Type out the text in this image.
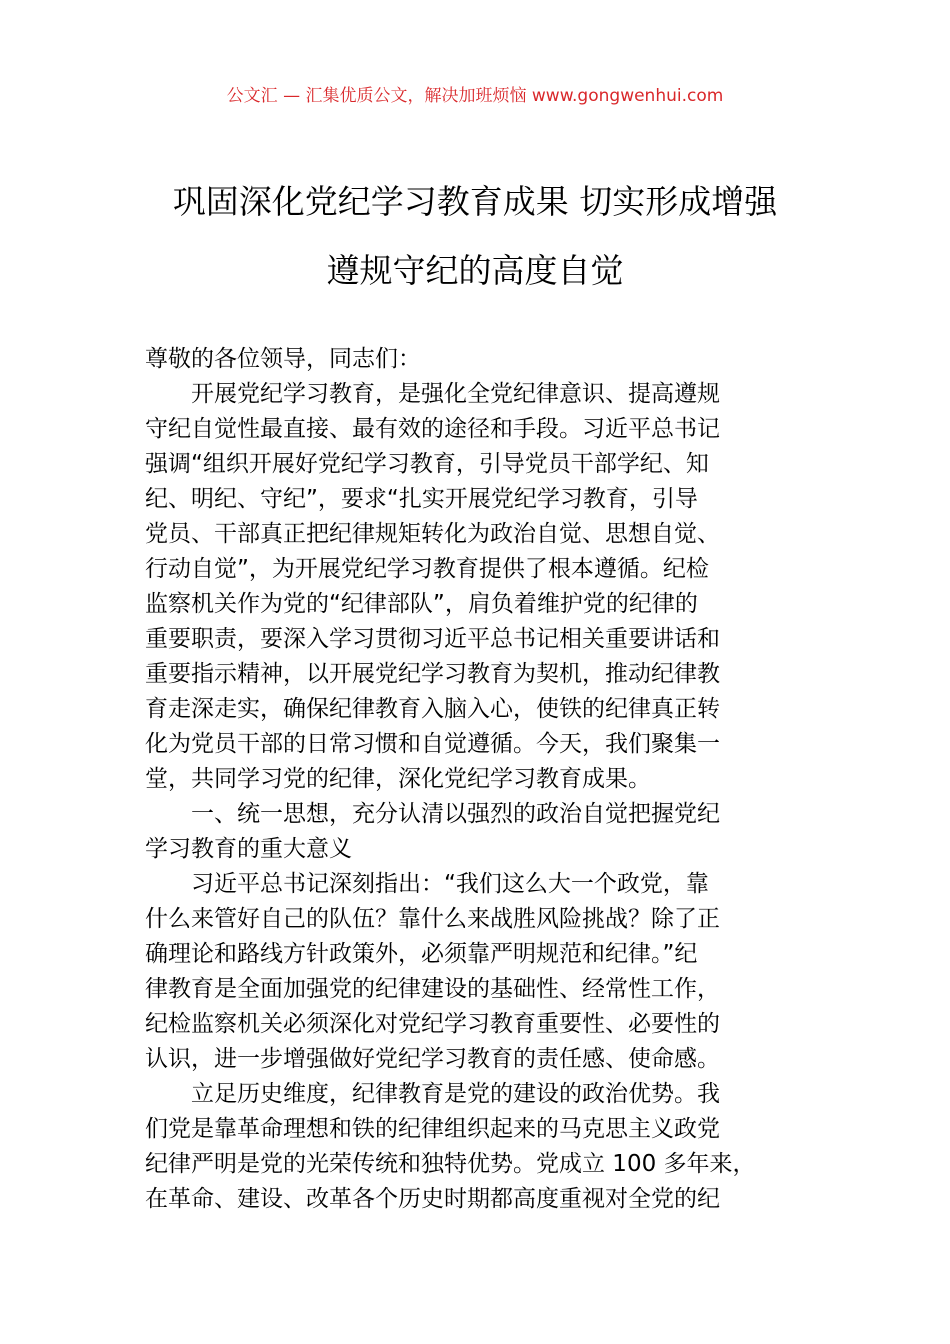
公文汇 — 汇集优质公文，解决加班烦恼 www.gongwenhui.com
巩固深化党纪学习教育成果 切实形成增强
遵规守纪的高度自觉
尊敬的各位领导，同志们：
开展党纪学习教育，是强化全党纪律意识、提高遵规
守纪自觉性最直接、最有效的途径和手段。习近平总书记
强调“组织开展好党纪学习教育，引导党员干部学纪、知
纪、明纪、守纪”，要求“扎实开展党纪学习教育，引导
党员、干部真正把纪律规矩转化为政治自觉、思想自觉、
行动自觉”，为开展党纪学习教育提供了根本遵循。纪检
监察机关作为党的“纪律部队”，肩负着维护党的纪律的
重要职责，要深入学习贯彻习近平总书记相关重要讲话和
重要指示精神，以开展党纪学习教育为契机，推动纪律教
育走深走实，确保纪律教育入脑入心，使铁的纪律真正转
化为党员干部的日常习惯和自觉遵循。今天，我们聚集一
堂，共同学习党的纪律，深化党纪学习教育成果。
一、统一思想，充分认清以强烈的政治自觉把握党纪
学习教育的重大意义
习近平总书记深刻指出：“我们这么大一个政党，靠
什么来管好自己的队伍？靠什么来战胜风险挑战？除了正
确理论和路线方针政策外，必须靠严明规范和纪律。”纪
律教育是全面加强党的纪律建设的基础性、经常性工作，
纪检监察机关必须深化对党纪学习教育重要性、必要性的
认识，进一步增强做好党纪学习教育的责任感、使命感。
立足历史维度，纪律教育是党的建设的政治优势。我
们党是靠革命理想和铁的纪律组织起来的马克思主义政党
纪律严明是党的光荣传统和独特优势。党成立 100 多年来，
在革命、建设、改革各个历史时期都高度重视对全党的纪
